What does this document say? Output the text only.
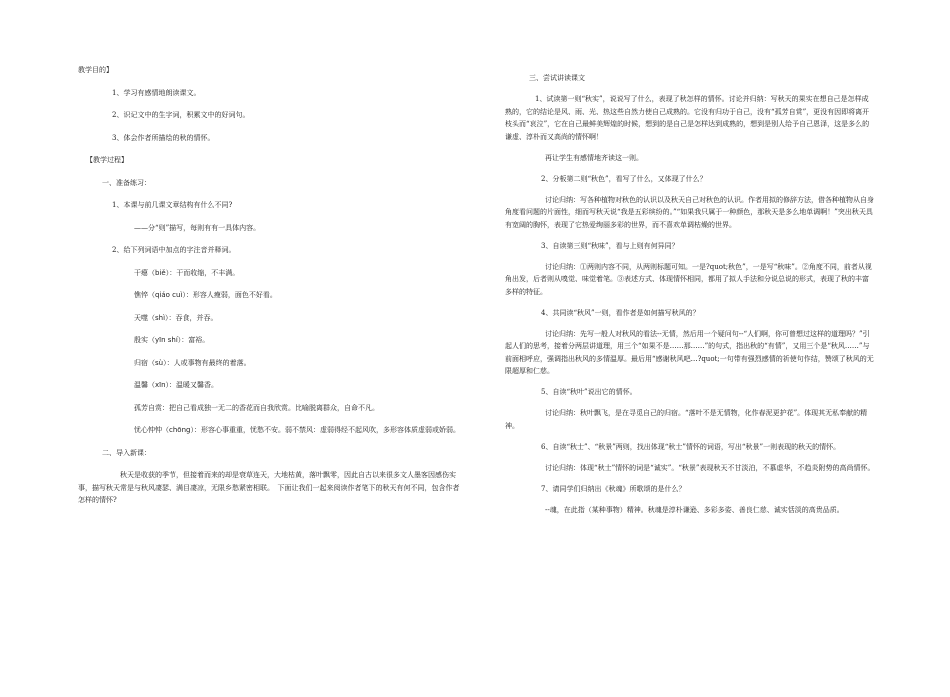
教学目的】

1、学习有感情地朗读课文。

2、识记文中的生字词，积累文中的好词句。

3、体会作者所描绘的秋的情怀。

【教学过程】

一、准备练习：

1、本课与前几课文章结构有什么不同?

——分“则”描写，每则有有一具体内容。

2、给下列词语中加点的字注音并释词。

干瘪（biě）：干而收缩，不丰满。

憔悴（qiáo cuì）：形容人瘦弱，面色不好看。

天噬（shì）：吞食，并吞。

殷实（yīn shí）：富裕。

归宿（sù）：人或事物有最终的着落。

温馨（xīn）：温暖又馨香。

孤芳自赏：把自己看成独一无二的香花而自我欣赏。比喻脱离群众，自命不凡。

忧心忡忡（chōng）：形容心事重重，忧愁不安。弱不禁风：虚弱得经不起风吹，多形容体质虚弱或娇弱。

二、导入新课：

秋天是收获的季节，但接着而来的却是衰草连天，大地枯黄，落叶飘零，因此自古以来很多文人墨客因感伤实事，描写秋天常是与秋风凄瑟、满目凄凉，无限乡愁紧密相联。　下面让我们一起来阅读作者笔下的秋天有何不同，包含作者怎样的情怀?

三、尝试讲读课文

1、试读第一则“秋实”，说说写了什么，表现了秋怎样的情怀。讨论并归纳：写秋天的果实在想自己是怎样成熟的，它的结论是风、雨、光、热这些自然力使自己成熟的。它没有归功于自己，没有“孤芳自赏”，更没有因即将离开枝头而“哀泣”，它在自己最鲜美辉煌的时候，想到的是自己是怎样达到成熟的，想到是别人给予自己恩泽，这是多么的谦虚、淳朴而又高尚的情怀啊！

再让学生有感情地齐读这一则。

2、分板第二则“秋色”，看写了什么，又体现了什么？

讨论归纳：写各种植物对秋色的认识以及秋天自己对秋色的认识。作者用拟的修辞方法，借各种植物从自身角度看问题的片面性，细而写秋天说“我是五彩缤纷的。”“如果我只属于一种颜色，那秋天是多么地单调啊！”突出秋天具有宽阔的胸怀，表现了它热爱绚丽多彩的世界，而不喜欢单调枯燥的世界。

3、自读第三则“秋味”，看与上则有何异同？

讨论归纳：①两则内容不同，从两则标题可知。一是?quot;秋色”，一是写“秋味”。②角度不同，前者从视角出发，后者则从嗅觉、味觉着笔。③表述方式、体现情怀相同，都用了拟人手法和分说总说的形式，表现了秋的丰富多样的特征。

4、共同读“秋风”一则，看作者是如何描写秋风的？

讨论归纳：先写一般人对秋风的看法--无情，然后用一个疑问句--“人们啊，你可曾想过这样的道理吗？”引起人们的思考，接着分两层讲道理，用三个“如果不是……那……”的句式，指出秋的“有情”，又用三个是“秋风……”与前面相呼应，强调指出秋风的多情温厚。最后用“感谢秋风吧…?quot;一句带有强烈感情的祈使句作结，赞颂了秋风的无限超厚和仁慈。

5、自读“秋叶”说出它的情怀。

讨论归纳：秋叶飘飞，是在寻觅自己的归宿。“落叶不是无情物，化作春泥更护花”。体现其无私奉献的精神。

6、自读“秋士”、“秋景”两则，找出体现“秋士”情怀的词语，写出“秋景”一则表现的秋天的情怀。

讨论归纳：体现“秋士”情怀的词是“诚实”。“秋景”表现秋天不甘淡泊，不慕虚华，不趋炎附势的高尚情怀。

7、请同学们归纳出《秋魂》所歌颂的是什么？

--魂，在此指（某种事物）精神。秋魂是淳朴谦逊、多彩多姿、善良仁慈、诚实恬淡的高贵品质。
